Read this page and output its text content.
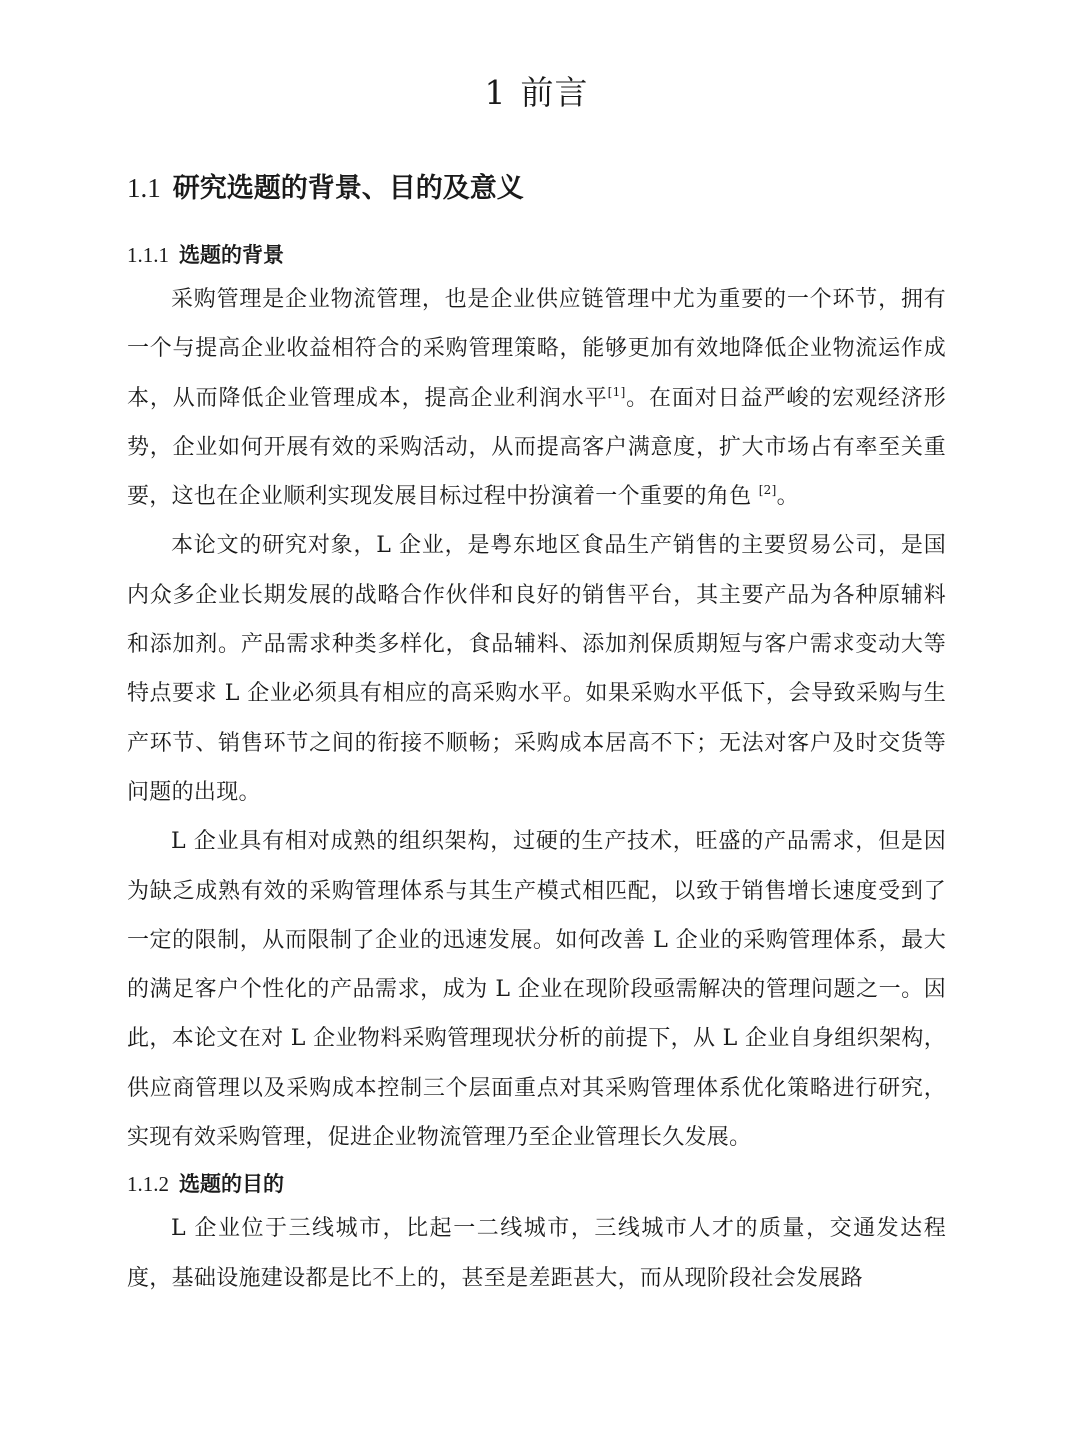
1 前言
1.1 研究选题的背景、目的及意义
1.1.1 选题的背景

采购管理是企业物流管理，也是企业供应链管理中尤为重要的一个环节，拥有一个与提高企业收益相符合的采购管理策略，能够更加有效地降低企业物流运作成本，从而降低企业管理成本，提高企业利润水平[1]。在面对日益严峻的宏观经济形势，企业如何开展有效的采购活动，从而提高客户满意度，扩大市场占有率至关重要，这也在企业顺利实现发展目标过程中扮演着一个重要的角色 [2]。

本论文的研究对象，L 企业，是粤东地区食品生产销售的主要贸易公司，是国内众多企业长期发展的战略合作伙伴和良好的销售平台，其主要产品为各种原辅料和添加剂。产品需求种类多样化，食品辅料、添加剂保质期短与客户需求变动大等特点要求 L 企业必须具有相应的高采购水平。如果采购水平低下，会导致采购与生产环节、销售环节之间的衔接不顺畅；采购成本居高不下；无法对客户及时交货等问题的出现。

L 企业具有相对成熟的组织架构，过硬的生产技术，旺盛的产品需求，但是因为缺乏成熟有效的采购管理体系与其生产模式相匹配，以致于销售增长速度受到了一定的限制，从而限制了企业的迅速发展。如何改善 L 企业的采购管理体系，最大的满足客户个性化的产品需求，成为 L 企业在现阶段亟需解决的管理问题之一。因此，本论文在对 L 企业物料采购管理现状分析的前提下，从 L 企业自身组织架构，供应商管理以及采购成本控制三个层面重点对其采购管理体系优化策略进行研究，实现有效采购管理，促进企业物流管理乃至企业管理长久发展。

1.1.2 选题的目的

L 企业位于三线城市，比起一二线城市，三线城市人才的质量，交通发达程度，基础设施建设都是比不上的，甚至是差距甚大，而从现阶段社会发展路
